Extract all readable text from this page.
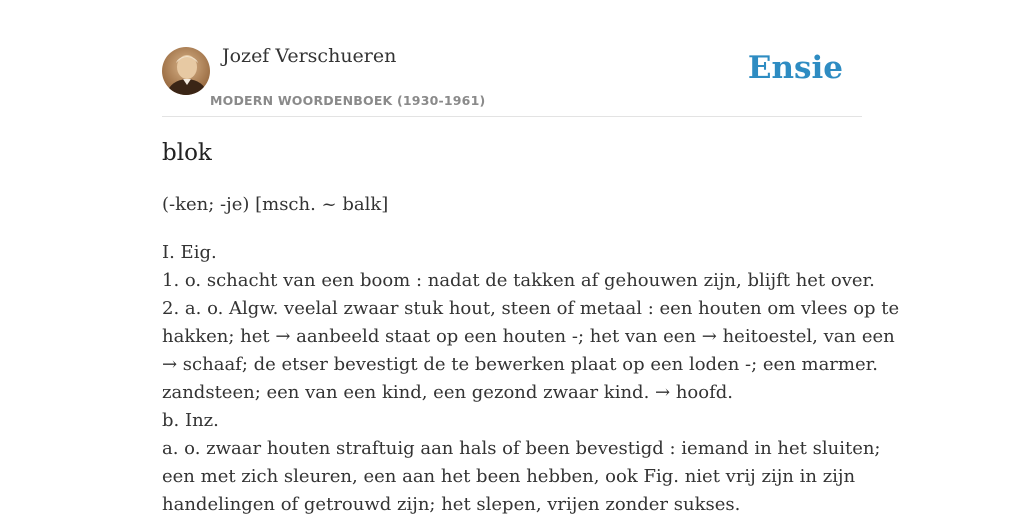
Jozef Verschueren
MODERN WOORDENBOEK (1930-1961)
Ensie
blok
(-ken; -je) [msch. ~ balk]
I. Eig.
1. o. schacht van een boom : nadat de takken af gehouwen zijn, blijft het over.
2. a. o. Algw. veelal zwaar stuk hout, steen of metaal : een houten om vlees op te
hakken; het → aanbeeld staat op een houten -; het van een → heitoestel, van een
→ schaaf; de etser bevestigt de te bewerken plaat op een loden -; een marmer.
zandsteen; een van een kind, een gezond zwaar kind. → hoofd.
b. Inz.
a. o. zwaar houten straftuig aan hals of been bevestigd : iemand in het sluiten;
een met zich sleuren, een aan het been hebben, ook Fig. niet vrij zijn in zijn
handelingen of getrouwd zijn; het slepen, vrijen zonder sukses.
